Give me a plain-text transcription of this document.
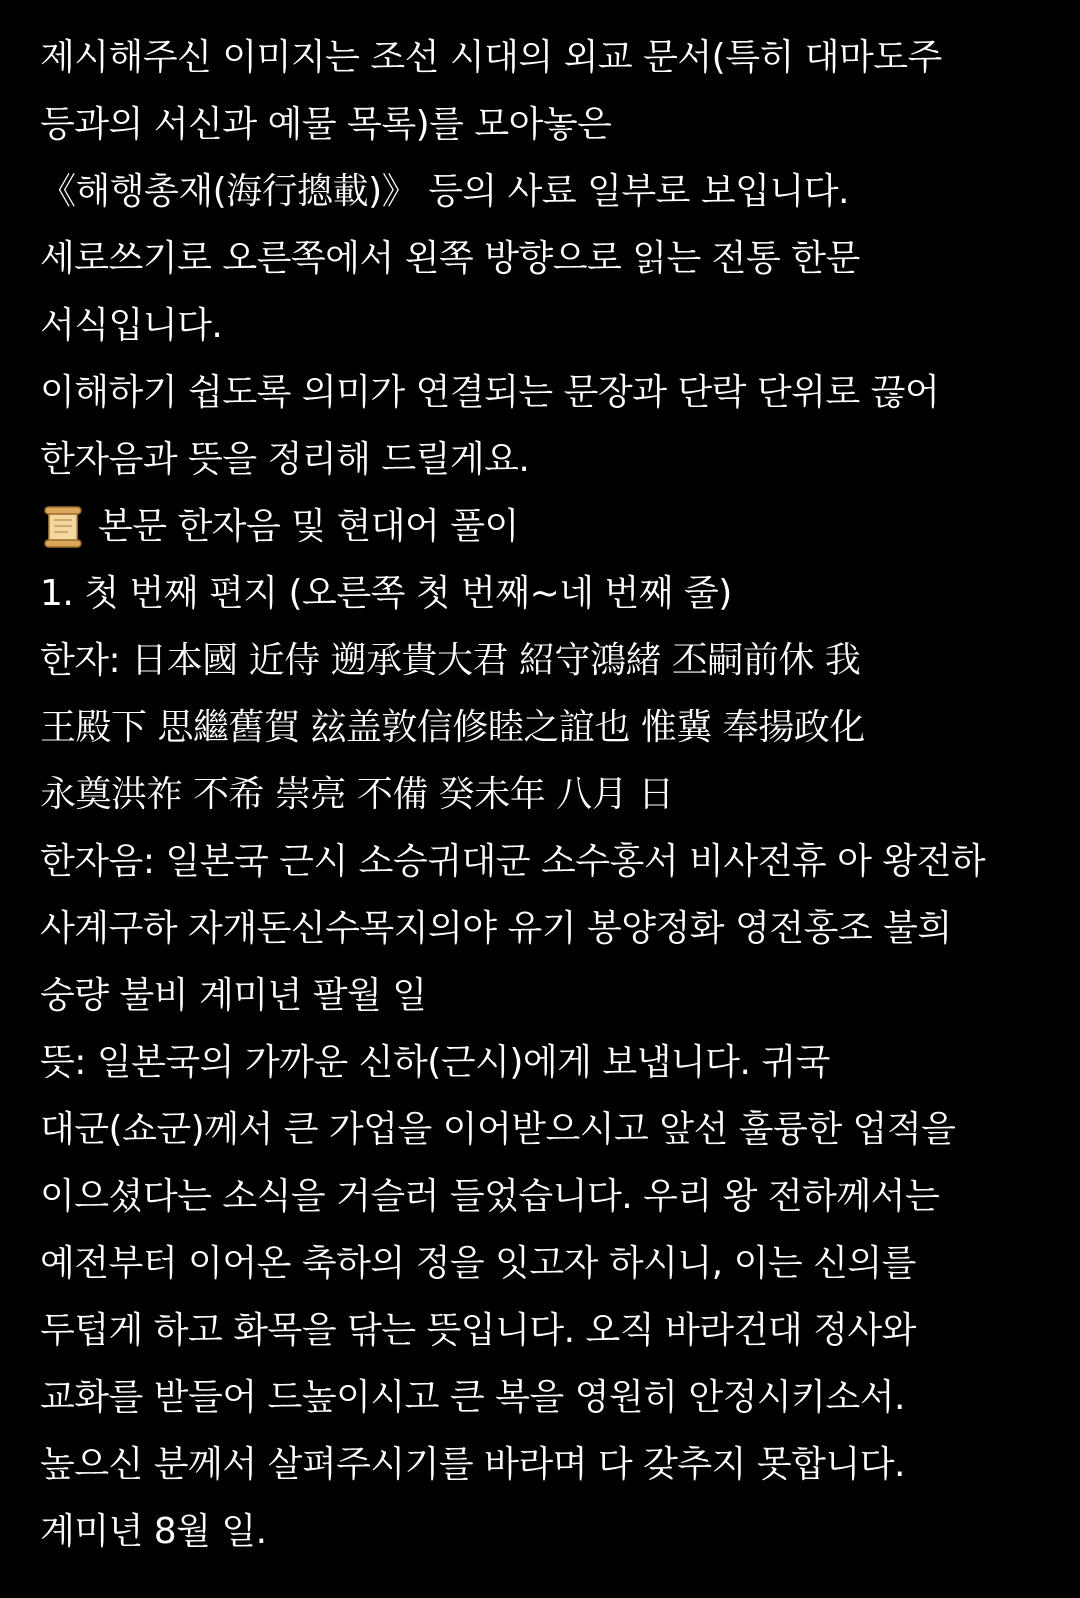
제시해주신 이미지는 조선 시대의 외교 문서(특히 대마도주
등과의 서신과 예물 목록)를 모아놓은
《해행총재(海行摠載)》 등의 사료 일부로 보입니다.
세로쓰기로 오른쪽에서 왼쪽 방향으로 읽는 전통 한문
서식입니다.
이해하기 쉽도록 의미가 연결되는 문장과 단락 단위로 끊어
한자음과 뜻을 정리해 드릴게요.
본문 한자음 및 현대어 풀이
1. 첫 번째 편지 (오른쪽 첫 번째~네 번째 줄)
한자: 日本國 近侍 遡承貴大君 紹守鴻緒 丕嗣前休 我
王殿下 思繼舊賀 玆盖敦信修睦之誼也 惟冀 奉揚政化
永奠洪祚 不希 崇亮 不備 癸未年 八月 日
한자음: 일본국 근시 소승귀대군 소수홍서 비사전휴 아 왕전하
사계구하 자개돈신수목지의야 유기 봉양정화 영전홍조 불희
숭량 불비 계미년 팔월 일
뜻: 일본국의 가까운 신하(근시)에게 보냅니다. 귀국
대군(쇼군)께서 큰 가업을 이어받으시고 앞선 훌륭한 업적을
이으셨다는 소식을 거슬러 들었습니다. 우리 왕 전하께서는
예전부터 이어온 축하의 정을 잇고자 하시니, 이는 신의를
두텁게 하고 화목을 닦는 뜻입니다. 오직 바라건대 정사와
교화를 받들어 드높이시고 큰 복을 영원히 안정시키소서.
높으신 분께서 살펴주시기를 바라며 다 갖추지 못합니다.
계미년 8월 일.
